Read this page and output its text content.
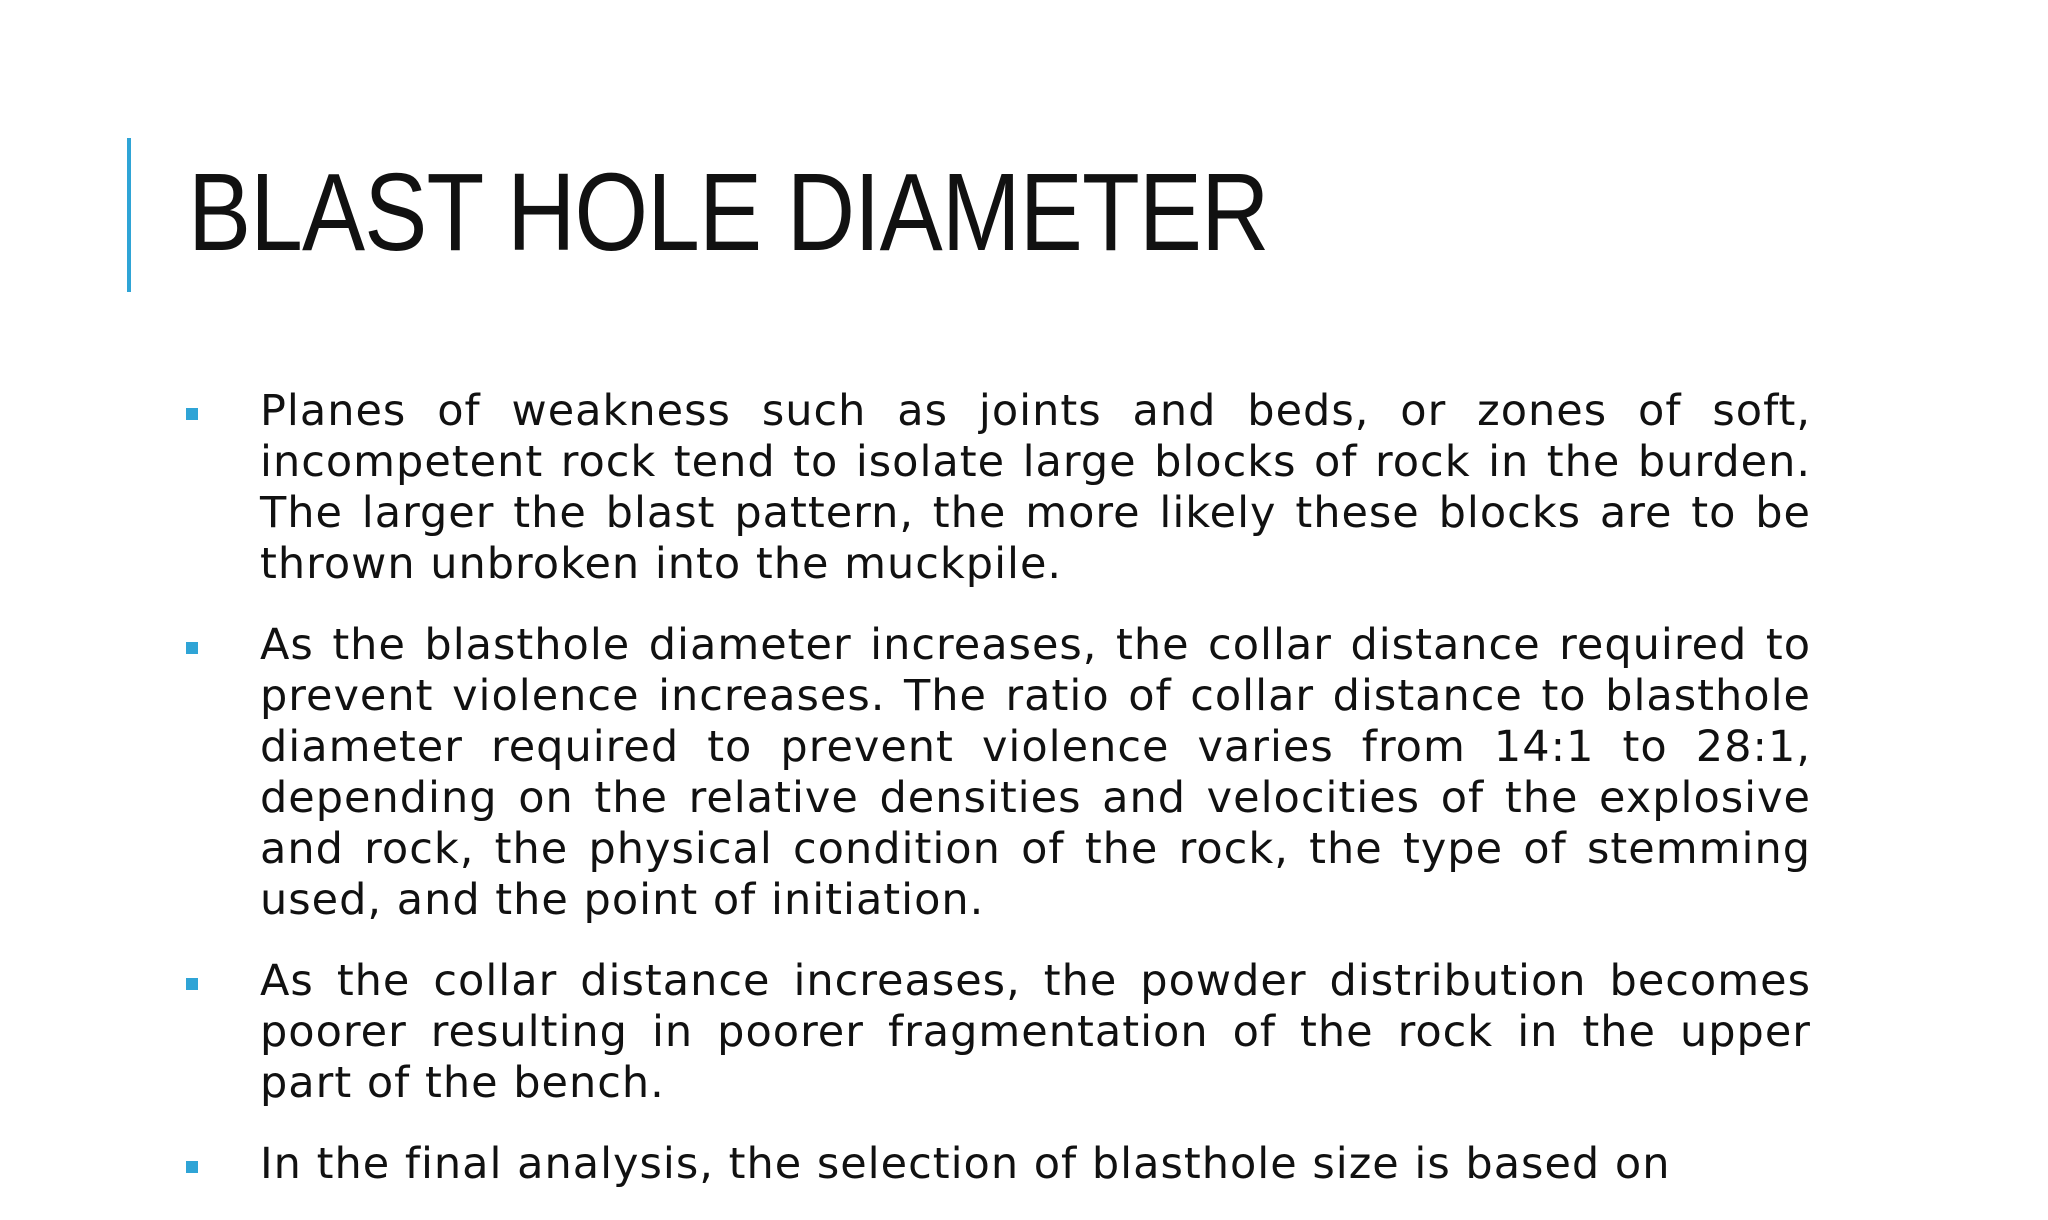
BLAST HOLE DIAMETER
Planes of weakness such as joints and beds, or zones of soft, incompetent rock tend to isolate large blocks of rock in the burden. The larger the blast pattern, the more likely these blocks are to be thrown unbroken into the muckpile.
As the blasthole diameter increases, the collar distance required to prevent violence increases. The ratio of collar distance to blasthole diameter required to prevent violence varies from 14:1 to 28:1, depending on the relative densities and velocities of the explosive and rock, the physical condition of the rock, the type of stemming used, and the point of initiation.
As the collar distance increases, the powder distribution becomes poorer resulting in poorer fragmentation of the rock in the upper part of the bench.
In the final analysis, the selection of blasthole size is based on
